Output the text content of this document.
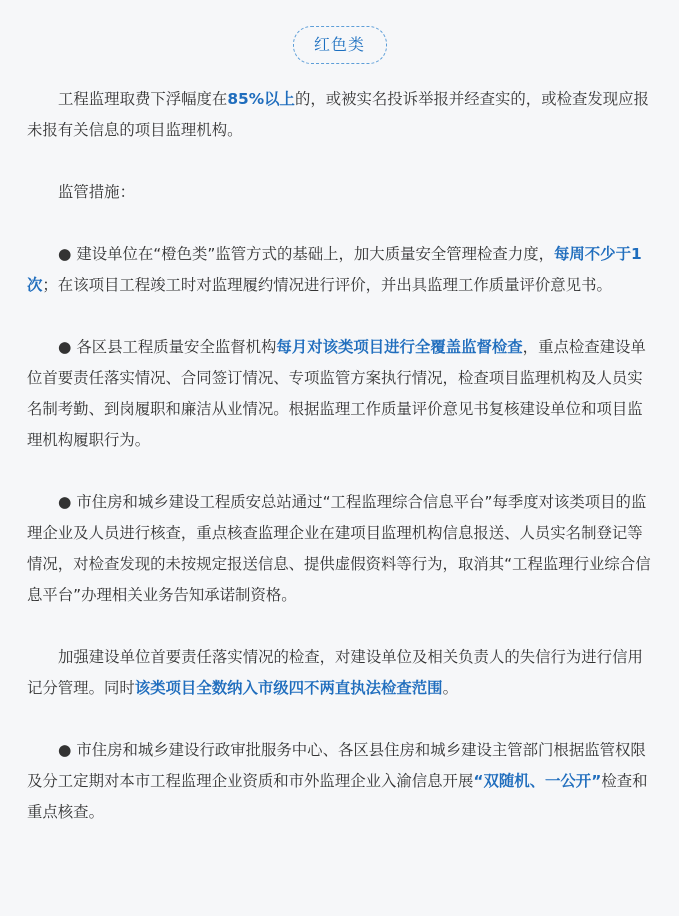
红色类

工程监理取费下浮幅度在85%以上的，或被实名投诉举报并经查实的，或检查发现应报未报有关信息的项目监理机构。

监管措施：

● 建设单位在“橙色类”监管方式的基础上，加大质量安全管理检查力度，每周不少于1次；在该项目工程竣工时对监理履约情况进行评价，并出具监理工作质量评价意见书。

● 各区县工程质量安全监督机构每月对该类项目进行全覆盖监督检查，重点检查建设单位首要责任落实情况、合同签订情况、专项监管方案执行情况，检查项目监理机构及人员实名制考勤、到岗履职和廉洁从业情况。根据监理工作质量评价意见书复核建设单位和项目监理机构履职行为。

● 市住房和城乡建设工程质安总站通过“工程监理综合信息平台”每季度对该类项目的监理企业及人员进行核查，重点核查监理企业在建项目监理机构信息报送、人员实名制登记等情况，对检查发现的未按规定报送信息、提供虚假资料等行为，取消其“工程监理行业综合信息平台”办理相关业务告知承诺制资格。

加强建设单位首要责任落实情况的检查，对建设单位及相关负责人的失信行为进行信用记分管理。同时该类项目全数纳入市级四不两直执法检查范围。

● 市住房和城乡建设行政审批服务中心、各区县住房和城乡建设主管部门根据监管权限及分工定期对本市工程监理企业资质和市外监理企业入渝信息开展“双随机、一公开”检查和重点核查。
